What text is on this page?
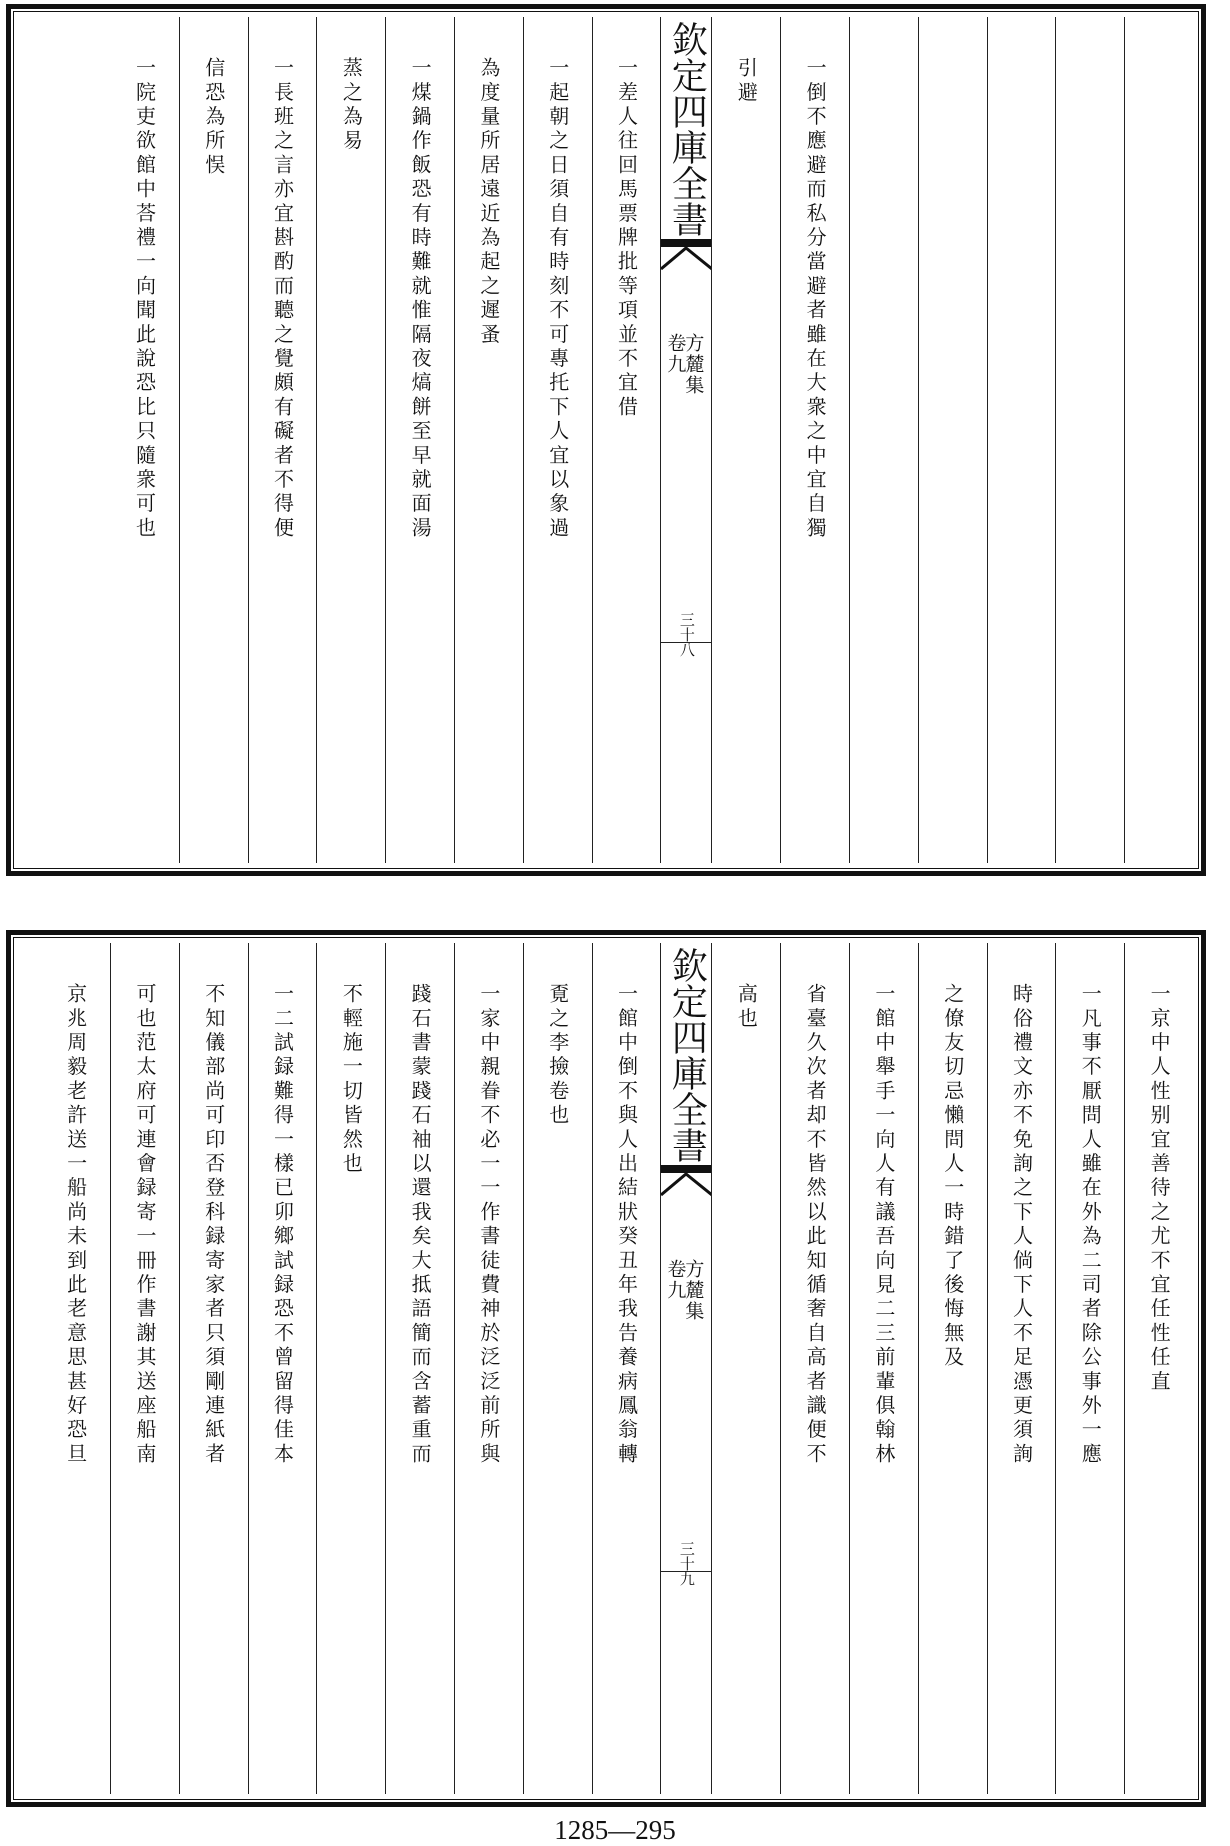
一倒不應避而私分當避者雖在大衆之中宜自獨
引避
欽定四庫全書
方麓集
卷九
三十八
一差人往回馬票牌批等項並不宜借
一起朝之日須自有時刻不可專托下人宜以象過
為度量所居遠近為起之遲蚤
一煤鍋作飯恐有時難就惟隔夜熇餅至早就面湯
蒸之為易
一長班之言亦宜斟酌而聽之覺頗有礙者不得便
信恐為所悮
一院吏欲館中荅禮一向聞此說恐比只隨衆可也
一京中人性别宜善待之尤不宜任性任直
一凡事不厭問人雖在外為二司者除公事外一應
時俗禮文亦不免詢之下人倘下人不足憑更須詢
之僚友切忌懶問人一時錯了後悔無及
一館中舉手一向人有議吾向見二三前輩俱翰林
省臺久次者却不皆然以此知循奢自高者識便不
高也
欽定四庫全書
方麓集
卷九
三十九
一館中倒不與人出結狀癸丑年我告養病鳳翁轉
覔之李撿卷也
一家中親眷不必一一作書徒費神於泛泛前所與
踐石書蒙踐石袖以還我矣大抵語簡而含蓄重而
不輕施一切皆然也
一二試録難得一樣已卯鄉試録恐不曾留得佳本
不知儀部尚可印否登科録寄家者只須剛連紙者
可也范太府可連會録寄一冊作書謝其送座船南
京兆周毅老許送一船尚未到此老意思甚好恐旦
1285—295
